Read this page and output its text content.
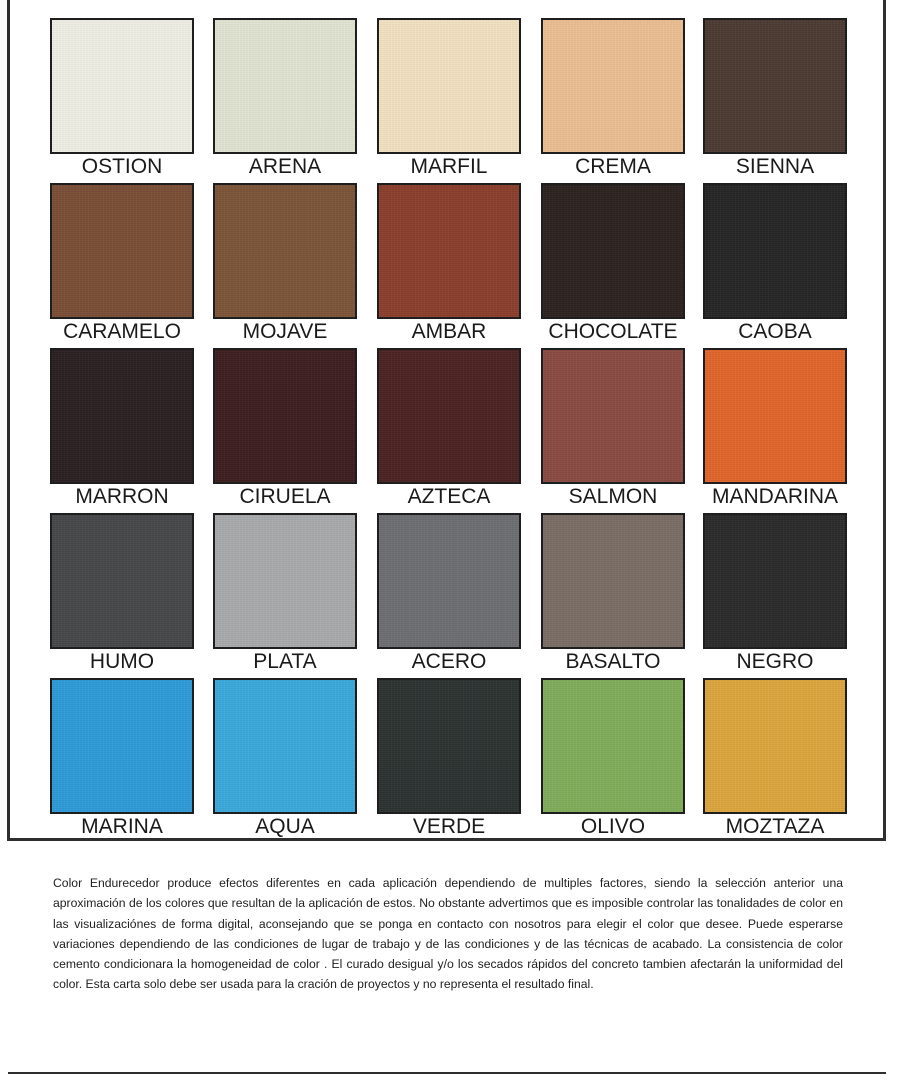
OSTION	ARENA	MARFIL	CREMA	SIENNA
CARAMELO	MOJAVE	AMBAR	CHOCOLATE	CAOBA
MARRON	CIRUELA	AZTECA	SALMON	MANDARINA
HUMO	PLATA	ACERO	BASALTO	NEGRO
MARINA	AQUA	VERDE	OLIVO	MOZTAZA

Color Endurecedor produce efectos diferentes en cada aplicación dependiendo de multiples factores, siendo la selección anterior una aproximación de los colores que resultan de la aplicación de estos. No obstante advertimos que es imposible controlar las tonalidades de color en las visualizaciónes de forma digital, aconsejando que se ponga en contacto con nosotros para elegir el color que desee. Puede esperarse variaciones dependiendo de las condiciones de lugar de trabajo y de las condiciones y de las técnicas de acabado. La consistencia de color cemento condicionara la homogeneidad de color . El curado desigual y/o los secados rápidos del concreto tambien afectarán la uniformidad del color. Esta carta solo debe ser usada para la cración de proyectos y no representa el resultado final.
